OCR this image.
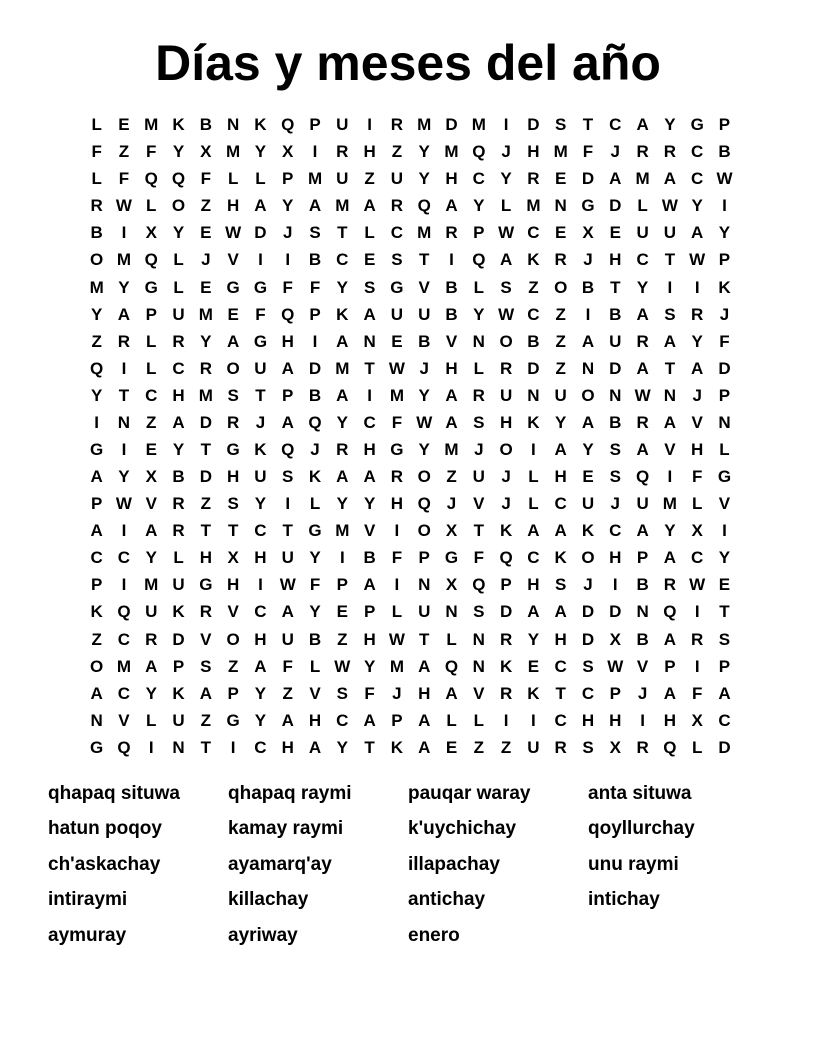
Días y meses del año
L E M K B N K Q P U	I	R M D M	I	D S T C A Y G P
F Z F Y X M Y X	I	R H Z Y M Q J H M F	J R R C B
L F Q Q F L L P M U Z U Y H C Y R E D A M A C W
R W L O Z H A Y A M A R Q A Y L M N G D L W Y	I
B	I	X Y E W D J S T L C M R P W C E X E U U A Y
O M Q L	J V	I	I	B C E S T	I	Q A K R J H C T W P
M Y G L E G G F F Y S G V B L S Z O B T Y	I	I	K
Y A P U M E F Q P K A U U B Y W C Z	I	B A S R J
Z R L R Y A G H	I	A N E B V N O B Z A U R A Y F
Q	I	L C R O U A D M T W J H L R D Z N D A T A D
Y T C H M S T P B A	I	M Y A R U N U O N W N J P
I	N Z A D R J A Q Y C F W A S H K Y A B R A V N
G	I	E Y T G K Q J R H G Y M J O	I	A Y S A V H L
A Y X B D H U S K A A R O Z U J	L H E S Q	I	F G
P W V R Z S Y	I	L Y Y H Q J V J	L C U J U M L V
A	I	A R T T C T G M V	I	O X T K A A K C A Y X	I
C C Y L H X H U Y	I	B F P G F Q C K O H P A C Y
P	I	M U G H	I W F P A	I	N X Q P H S J	I	B R W E
K Q U K R V C A Y E P L U N S D A A D D N Q	I	T
Z C R D V O H U B Z H W T L N R Y H D X B A R S
O M A P S Z A F L W Y M A Q N K E C S W V P	I	P
A C Y K A P Y Z V S F	J H A V R K T C P J A F A
N V L U Z G Y A H C A P A L L	I	I	C H H	I	H X C
G Q	I	N T	I	C H A Y T K A E Z Z U R S X R Q L D
qhapaq situwa
hatun poqoy
ch'askachay
intiraymi
aymuray
qhapaq raymi
kamay raymi
ayamarq'ay
killachay
ayriway
pauqar waray
k'uychichay
illapachay
antichay
enero
anta situwa
qoyllurchay
unu raymi
intichay
